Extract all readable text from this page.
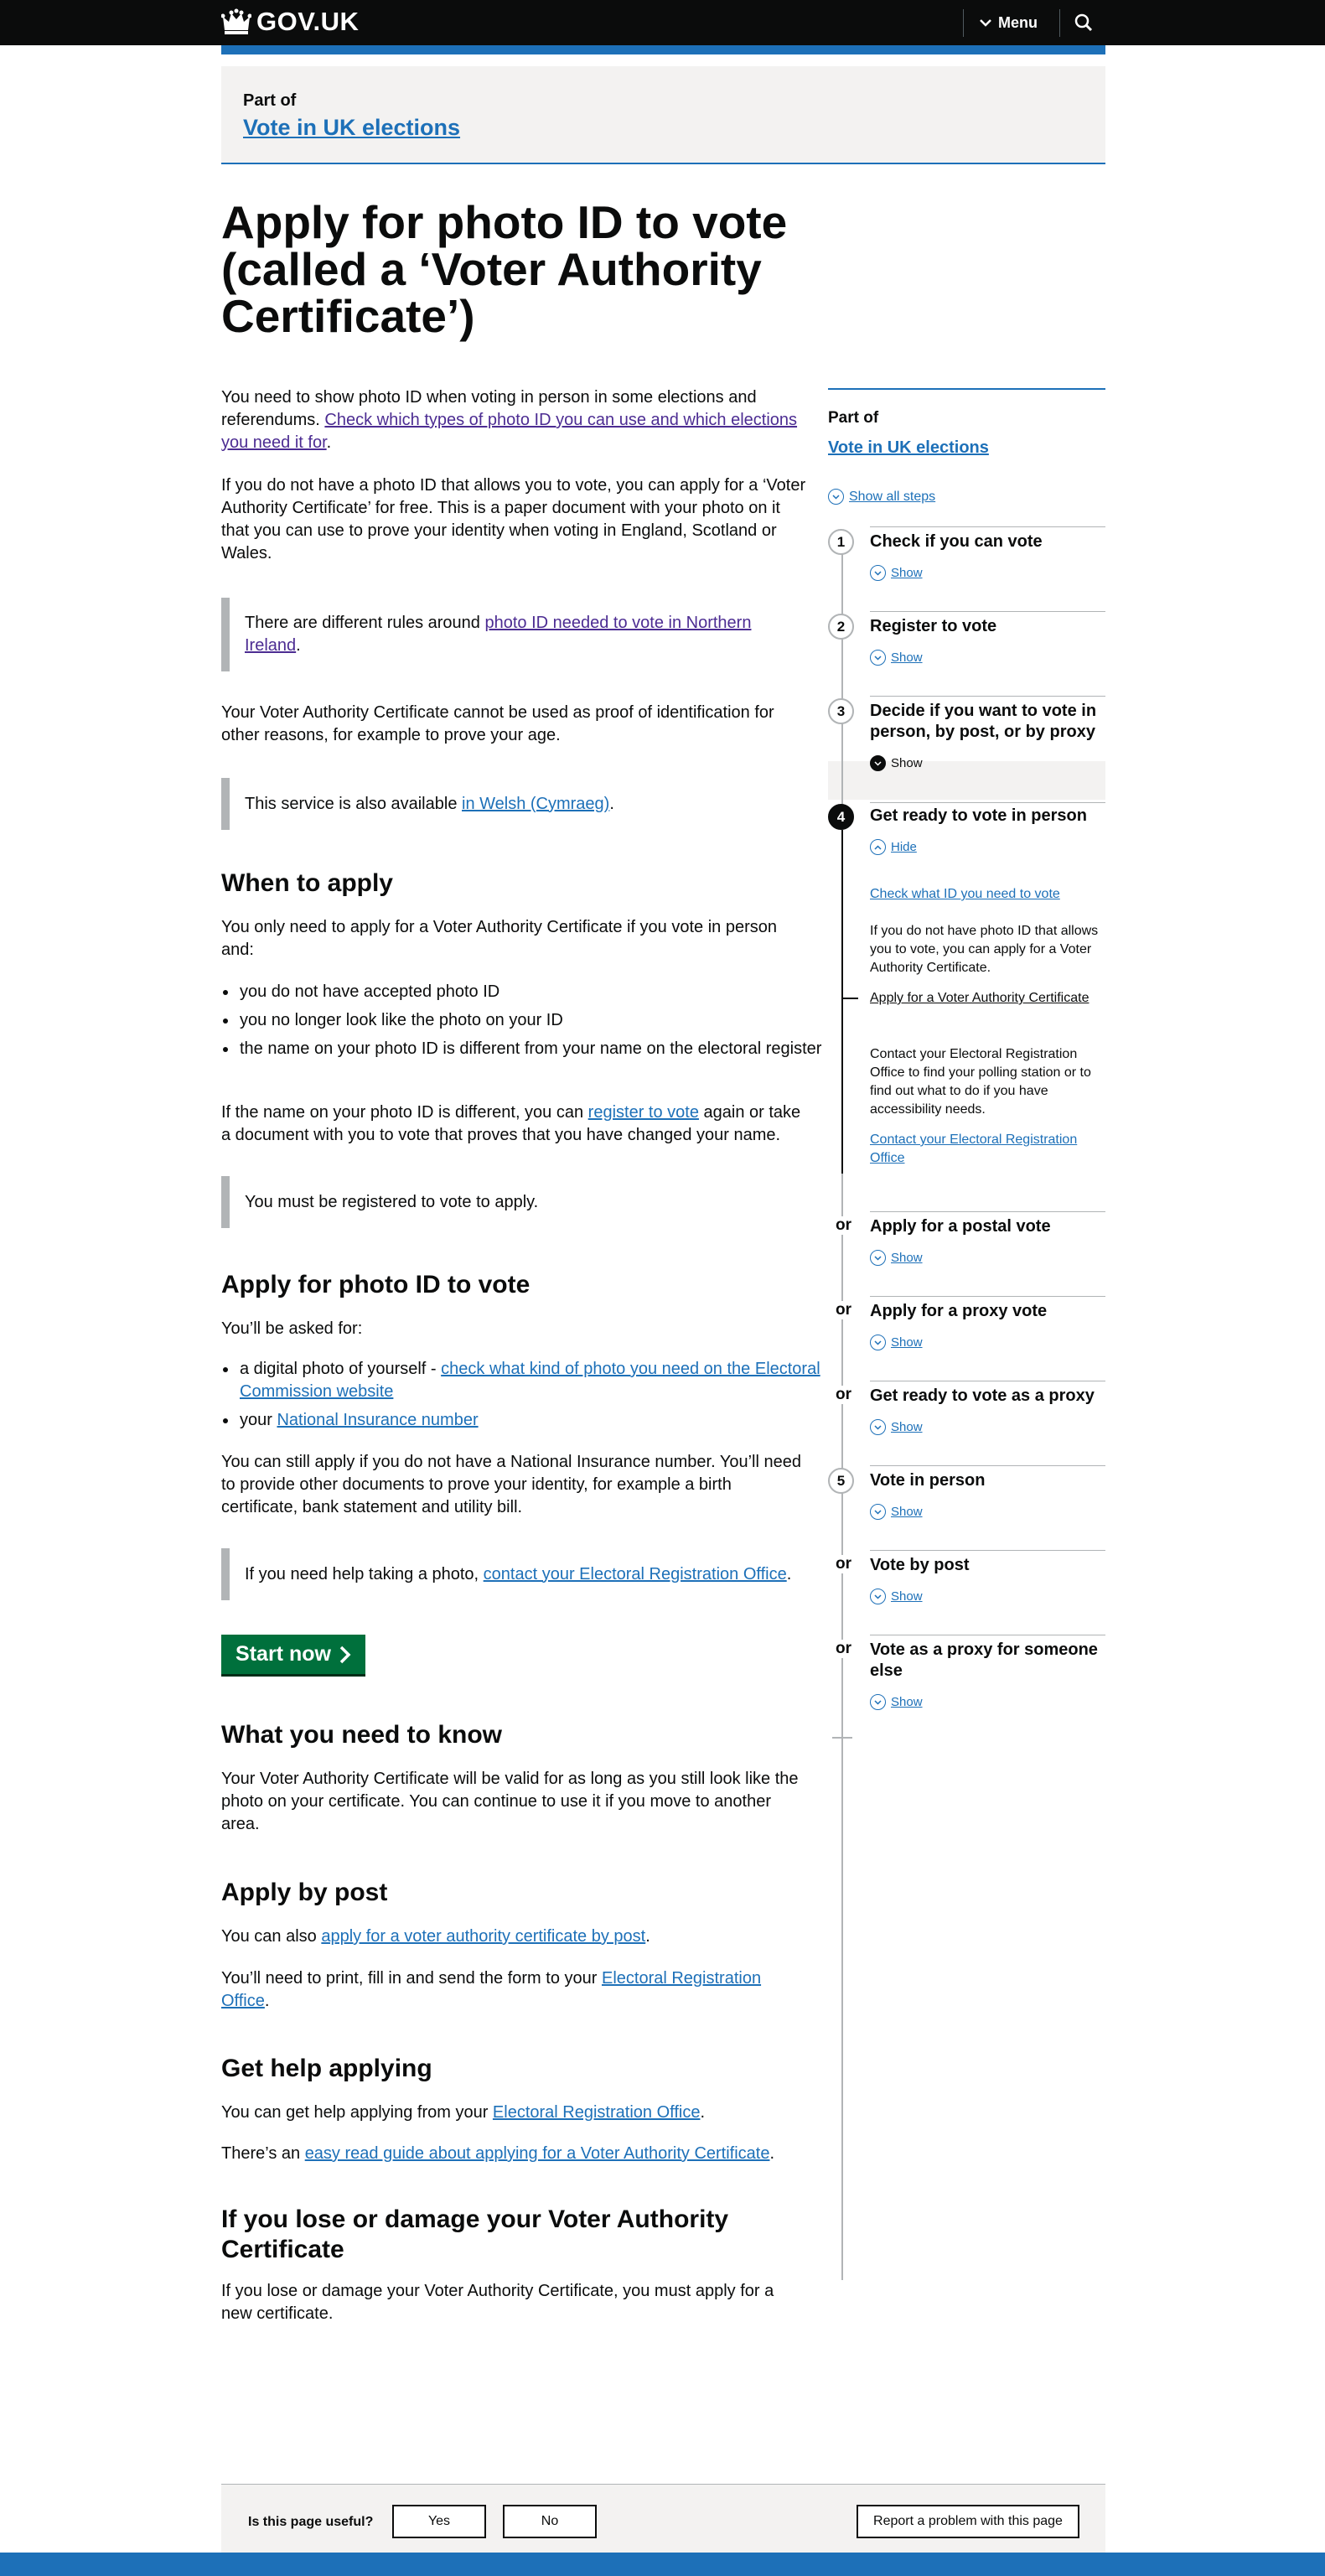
GOV.UK	Menu
Part of
Vote in UK elections
Apply for photo ID to vote (called a ‘Voter Authority Certificate’)

You need to show photo ID when voting in person in some elections and referendums. Check which types of photo ID you can use and which elections you need it for.

If you do not have a photo ID that allows you to vote, you can apply for a ‘Voter Authority Certificate’ for free. This is a paper document with your photo on it that you can use to prove your identity when voting in England, Scotland or Wales.

There are different rules around photo ID needed to vote in Northern Ireland.

Your Voter Authority Certificate cannot be used as proof of identification for other reasons, for example to prove your age.

This service is also available in Welsh (Cymraeg).
When to apply

You only need to apply for a Voter Authority Certificate if you vote in person and:

• you do not have accepted photo ID
• you no longer look like the photo on your ID
• the name on your photo ID is different from your name on the electoral register

If the name on your photo ID is different, you can register to vote again or take a document with you to vote that proves that you have changed your name.

You must be registered to vote to apply.
Apply for photo ID to vote

You’ll be asked for:

• a digital photo of yourself - check what kind of photo you need on the Electoral Commission website
• your National Insurance number

You can still apply if you do not have a National Insurance number. You’ll need to provide other documents to prove your identity, for example a birth certificate, bank statement and utility bill.

If you need help taking a photo, contact your Electoral Registration Office.
Start now
What you need to know

Your Voter Authority Certificate will be valid for as long as you still look like the photo on your certificate. You can continue to use it if you move to another area.

Apply by post

You can also apply for a voter authority certificate by post.

You’ll need to print, fill in and send the form to your Electoral Registration Office.

Get help applying

You can get help applying from your Electoral Registration Office.

There’s an easy read guide about applying for a Voter Authority Certificate.

If you lose or damage your Voter Authority Certificate

If you lose or damage your Voter Authority Certificate, you must apply for a new certificate.

Part of
Vote in UK elections
Show all steps
1	Check if you can vote
Show
2	Register to vote
Show
3	Decide if you want to vote in person, by post, or by proxy
Show
4	Get ready to vote in person
Hide
Check what ID you need to vote
If you do not have photo ID that allows you to vote, you can apply for a Voter Authority Certificate.
Apply for a Voter Authority Certificate
Contact your Electoral Registration Office to find your polling station or to find out what to do if you have accessibility needs.
Contact your Electoral Registration Office
or Apply for a postal vote
Show
or Apply for a proxy vote
Show
or Get ready to vote as a proxy
Show
5	Vote in person
Show
or Vote by post
Show
or Vote as a proxy for someone else
Show
Is this page useful?	Yes	No	Report a problem with this page
